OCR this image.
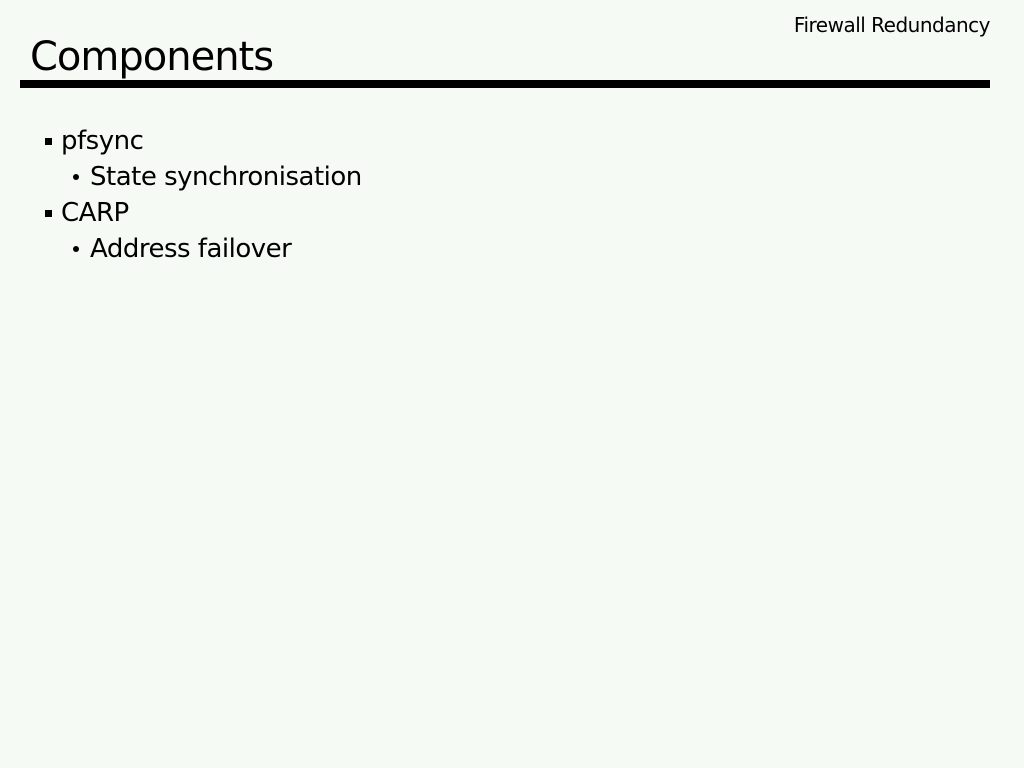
Firewall Redundancy
Components
pfsync
State synchronisation
CARP
Address failover
